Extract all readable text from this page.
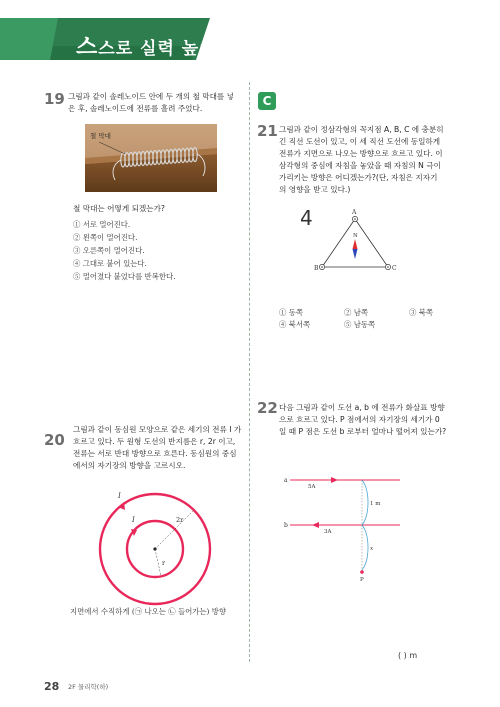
스스로 실력 높이기
19 그림과 같이 솔레노이드 안에 두 개의 철 막대를 넣
은 후, 솔레노이드에 전류를 흘려 주었다.
철 막대
철 막대는 어떻게 되겠는가?
① 서로 멀어진다.
② 왼쪽이 멀어진다.
③ 오른쪽이 멀어진다.
④ 그대로 붙어 있는다.
⑤ 멀어졌다 붙었다를 반복한다.
20
그림과 같이 동심원 모양으로 같은 세기의 전류 I 가
흐르고 있다. 두 원형 도선의 반지름은 r, 2r 이고,
전류는 서로 반대 방향으로 흐른다. 동심원의 중심
에서의 자기장의 방향을 고르시오.
I
I	2r
r
지면에서 수직하게 (㉠ 나오는 ㉡ 들어가는) 방향
C
21 그림과 같이 정삼각형의 꼭지점 A, B, C 에 충분히
긴 직선 도선이 있고, 이 세 직선 도선에 동일하게
전류가 지면으로 나오는 방향으로 흐르고 있다. 이
삼각형의 중심에 자침을 놓았을 때 자침의 N 극이
가리키는 방향은 어디겠는가?(단, 자침은 지자기
의 영향을 받고 있다.)
4
N
A
B	C
① 동쪽	② 남쪽	③ 북쪽
④ 북서쪽	⑤ 남동쪽
22 다음 그림과 같이 도선 a, b 에 전류가 화살표 방향
으로 흐르고 있다. P 점에서의 자기장의 세기가 0
일 때 P 점은 도선 b 로부터 얼마나 떨어져 있는가?
a
b
5A
3A
1 m
x
P
( ) m
28 2F 물리학(하)
